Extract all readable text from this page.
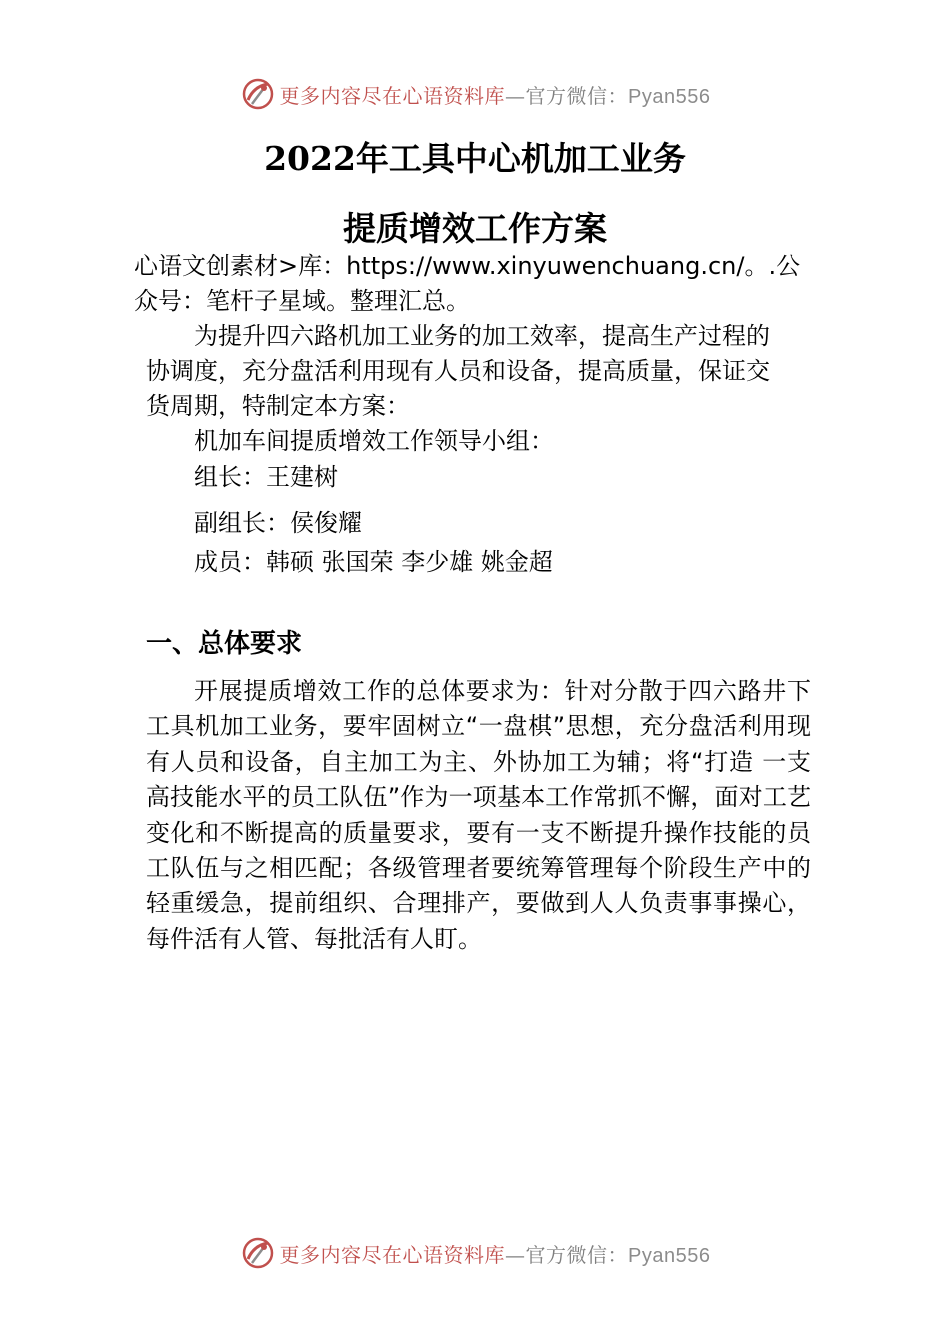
更多内容尽在心语资料库—官方微信：Pyan556
2022年工具中心机加工业务
提质增效工作方案

心语文创素材>库：https://www.xinyuwenchuang.cn/。.公

众号：笔杆子星域。整理汇总。

为提升四六路机加工业务的加工效率，提高生产过程的

协调度，充分盘活利用现有人员和设备，提高质量，保证交

货周期，特制定本方案：

机加车间提质增效工作领导小组：

组长：王建树

副组长：侯俊耀

成员：韩硕 张国荣 李少雄 姚金超

一、总体要求

开展提质增效工作的总体要求为：针对分散于四六路井下工具机加工业务，要牢固树立“一盘棋”思想，充分盘活利用现有人员和设备，自主加工为主、外协加工为辅；将“打造 一支高技能水平的员工队伍”作为一项基本工作常抓不懈，面对工艺变化和不断提高的质量要求，要有一支不断提升操作技能的员工队伍与之相匹配；各级管理者要统筹管理每个阶段生产中的轻重缓急，提前组织、合理排产，要做到人人负责事事操心，每件活有人管、每批活有人盯。

更多内容尽在心语资料库—官方微信：Pyan556
